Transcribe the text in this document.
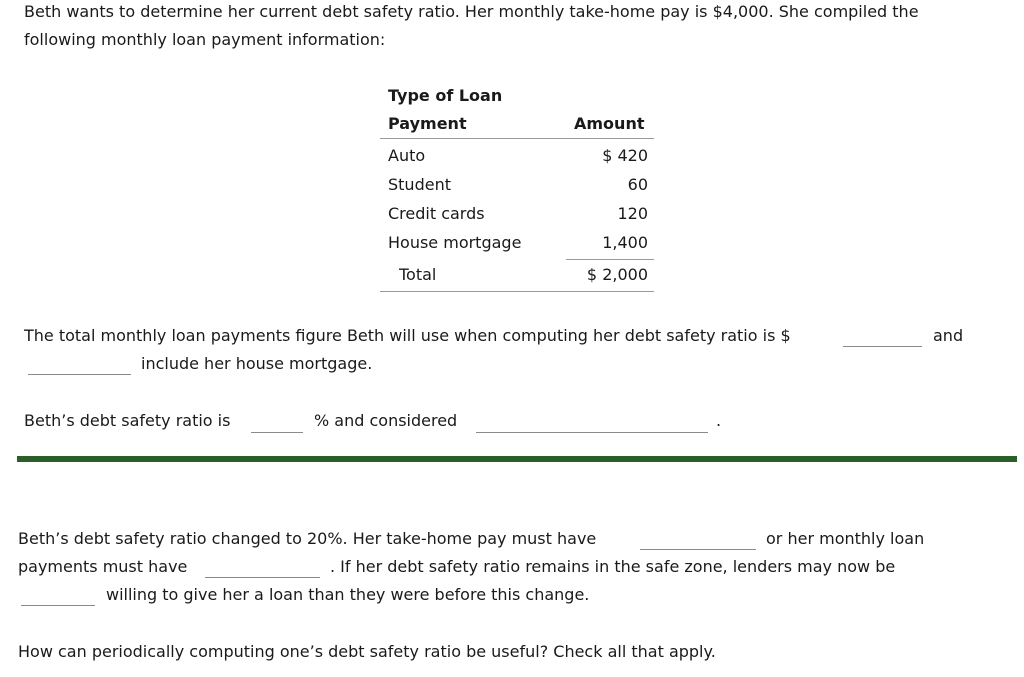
Beth wants to determine her current debt safety ratio. Her monthly take-home pay is $4,000. She compiled the
following monthly loan payment information:
Type of Loan
Payment	Amount
Auto	$ 420
Student	60
Credit cards	120
House mortgage	1,400
Total	$ 2,000
The total monthly loan payments figure Beth will use when computing her debt safety ratio is $	and
include her house mortgage.
Beth’s debt safety ratio is	% and considered	.
Beth’s debt safety ratio changed to 20%. Her take-home pay must have	or her monthly loan
payments must have	. If her debt safety ratio remains in the safe zone, lenders may now be
willing to give her a loan than they were before this change.
How can periodically computing one’s debt safety ratio be useful? Check all that apply.
